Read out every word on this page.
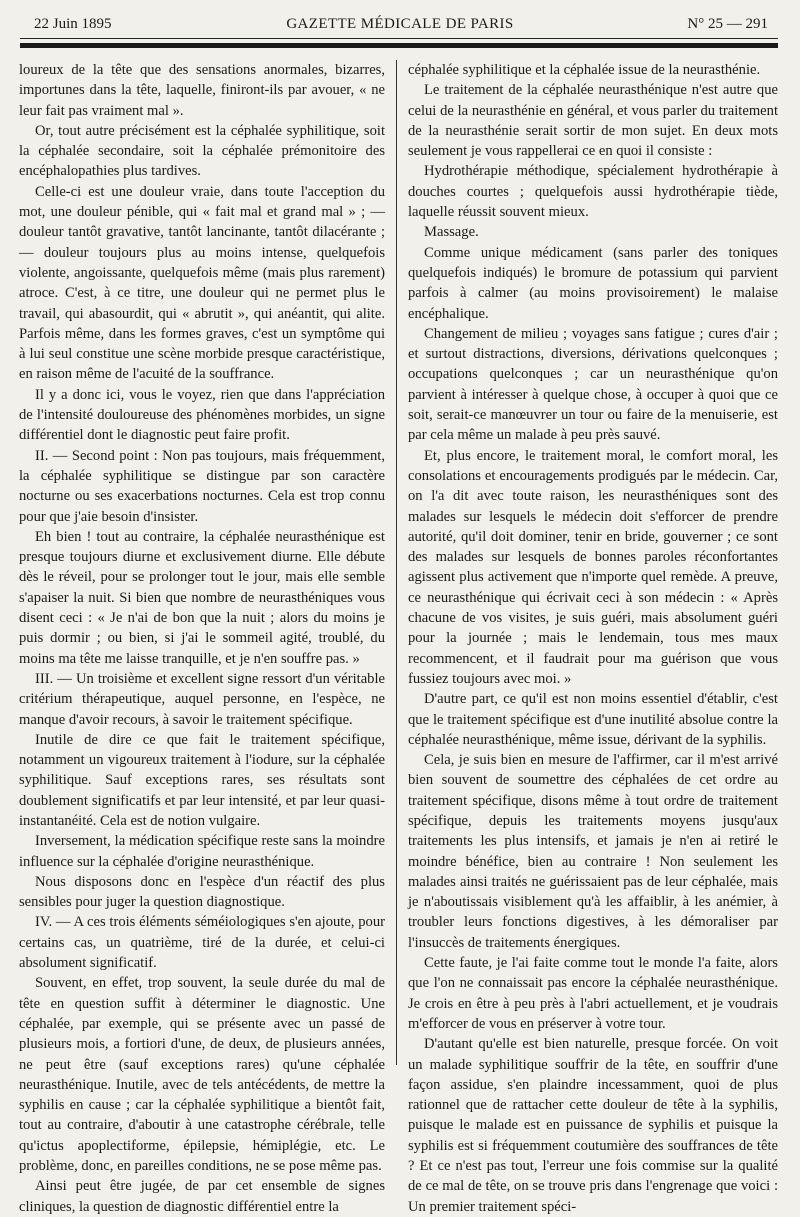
22 Juin 1895	GAZETTE MÉDICALE DE PARIS	N° 25 — 291

loureux de la tête que des sensations anormales, bizarres, importunes dans la tête, laquelle, finiront-ils par avouer, « ne leur fait pas vraiment mal ».

Or, tout autre précisément est la céphalée syphilitique, soit la céphalée secondaire, soit la céphalée prémonitoire des encéphalopathies plus tardives.

Celle-ci est une douleur vraie, dans toute l'acception du mot, une douleur pénible, qui « fait mal et grand mal » ; — douleur tantôt gravative, tantôt lancinante, tantôt dilacérante ; — douleur toujours plus au moins intense, quelquefois violente, angoissante, quelquefois même (mais plus rarement) atroce. C'est, à ce titre, une douleur qui ne permet plus le travail, qui abasourdit, qui « abrutit », qui anéantit, qui alite. Parfois même, dans les formes graves, c'est un symptôme qui à lui seul constitue une scène morbide presque caractéristique, en raison même de l'acuité de la souffrance.

Il y a donc ici, vous le voyez, rien que dans l'appréciation de l'intensité douloureuse des phénomènes morbides, un signe différentiel dont le diagnostic peut faire profit.

II. — Second point : Non pas toujours, mais fréquemment, la céphalée syphilitique se distingue par son caractère nocturne ou ses exacerbations nocturnes. Cela est trop connu pour que j'aie besoin d'insister.

Eh bien ! tout au contraire, la céphalée neurasthénique est presque toujours diurne et exclusivement diurne. Elle débute dès le réveil, pour se prolonger tout le jour, mais elle semble s'apaiser la nuit. Si bien que nombre de neurasthéniques vous disent ceci : « Je n'ai de bon que la nuit ; alors du moins je puis dormir ; ou bien, si j'ai le sommeil agité, troublé, du moins ma tête me laisse tranquille, et je n'en souffre pas. »

III. — Un troisième et excellent signe ressort d'un véritable critérium thérapeutique, auquel personne, en l'espèce, ne manque d'avoir recours, à savoir le traitement spécifique.

Inutile de dire ce que fait le traitement spécifique, notamment un vigoureux traitement à l'iodure, sur la céphalée syphilitique. Sauf exceptions rares, ses résultats sont doublement significatifs et par leur intensité, et par leur quasi-instantanéité. Cela est de notion vulgaire.

Inversement, la médication spécifique reste sans la moindre influence sur la céphalée d'origine neurasthénique.

Nous disposons donc en l'espèce d'un réactif des plus sensibles pour juger la question diagnostique.

IV. — A ces trois éléments séméiologiques s'en ajoute, pour certains cas, un quatrième, tiré de la durée, et celui-ci absolument significatif.

Souvent, en effet, trop souvent, la seule durée du mal de tête en question suffit à déterminer le diagnostic. Une céphalée, par exemple, qui se présente avec un passé de plusieurs mois, a fortiori d'une, de deux, de plusieurs années, ne peut être (sauf exceptions rares) qu'une céphalée neurasthénique. Inutile, avec de tels antécédents, de mettre la syphilis en cause ; car la céphalée syphilitique a bientôt fait, tout au contraire, d'aboutir à une catastrophe cérébrale, telle qu'ictus apoplectiforme, épilepsie, hémiplégie, etc. Le problème, donc, en pareilles conditions, ne se pose même pas.

Ainsi peut être jugée, de par cet ensemble de signes cliniques, la question de diagnostic différentiel entre la

céphalée syphilitique et la céphalée issue de la neurasthénie.

Le traitement de la céphalée neurasthénique n'est autre que celui de la neurasthénie en général, et vous parler du traitement de la neurasthénie serait sortir de mon sujet. En deux mots seulement je vous rappellerai ce en quoi il consiste :

Hydrothérapie méthodique, spécialement hydrothérapie à douches courtes ; quelquefois aussi hydrothérapie tiède, laquelle réussit souvent mieux.

Massage.

Comme unique médicament (sans parler des toniques quelquefois indiqués) le bromure de potassium qui parvient parfois à calmer (au moins provisoirement) le malaise encéphalique.

Changement de milieu ; voyages sans fatigue ; cures d'air ; et surtout distractions, diversions, dérivations quelconques ; occupations quelconques ; car un neurasthénique qu'on parvient à intéresser à quelque chose, à occuper à quoi que ce soit, serait-ce manœuvrer un tour ou faire de la menuiserie, est par cela même un malade à peu près sauvé.

Et, plus encore, le traitement moral, le comfort moral, les consolations et encouragements prodigués par le médecin. Car, on l'a dit avec toute raison, les neurasthéniques sont des malades sur lesquels le médecin doit s'efforcer de prendre autorité, qu'il doit dominer, tenir en bride, gouverner ; ce sont des malades sur lesquels de bonnes paroles réconfortantes agissent plus activement que n'importe quel remède. A preuve, ce neurasthénique qui écrivait ceci à son médecin : « Après chacune de vos visites, je suis guéri, mais absolument guéri pour la journée ; mais le lendemain, tous mes maux recommencent, et il faudrait pour ma guérison que vous fussiez toujours avec moi. »

D'autre part, ce qu'il est non moins essentiel d'établir, c'est que le traitement spécifique est d'une inutilité absolue contre la céphalée neurasthénique, même issue, dérivant de la syphilis.

Cela, je suis bien en mesure de l'affirmer, car il m'est arrivé bien souvent de soumettre des céphalées de cet ordre au traitement spécifique, disons même à tout ordre de traitement spécifique, depuis les traitements moyens jusqu'aux traitements les plus intensifs, et jamais je n'en ai retiré le moindre bénéfice, bien au contraire ! Non seulement les malades ainsi traités ne guérissaient pas de leur céphalée, mais je n'aboutissais visiblement qu'à les affaiblir, à les anémier, à troubler leurs fonctions digestives, à les démoraliser par l'insuccès de traitements énergiques.

Cette faute, je l'ai faite comme tout le monde l'a faite, alors que l'on ne connaissait pas encore la céphalée neurasthénique. Je crois en être à peu près à l'abri actuellement, et je voudrais m'efforcer de vous en préserver à votre tour.

D'autant qu'elle est bien naturelle, presque forcée. On voit un malade syphilitique souffrir de la tête, en souffrir d'une façon assidue, s'en plaindre incessamment, quoi de plus rationnel que de rattacher cette douleur de tête à la syphilis, puisque le malade est en puissance de syphilis et puisque la syphilis est si fréquemment coutumière des souffrances de tête ? Et ce n'est pas tout, l'erreur une fois commise sur la qualité de ce mal de tête, on se trouve pris dans l'engrenage que voici : Un premier traitement spéci-
